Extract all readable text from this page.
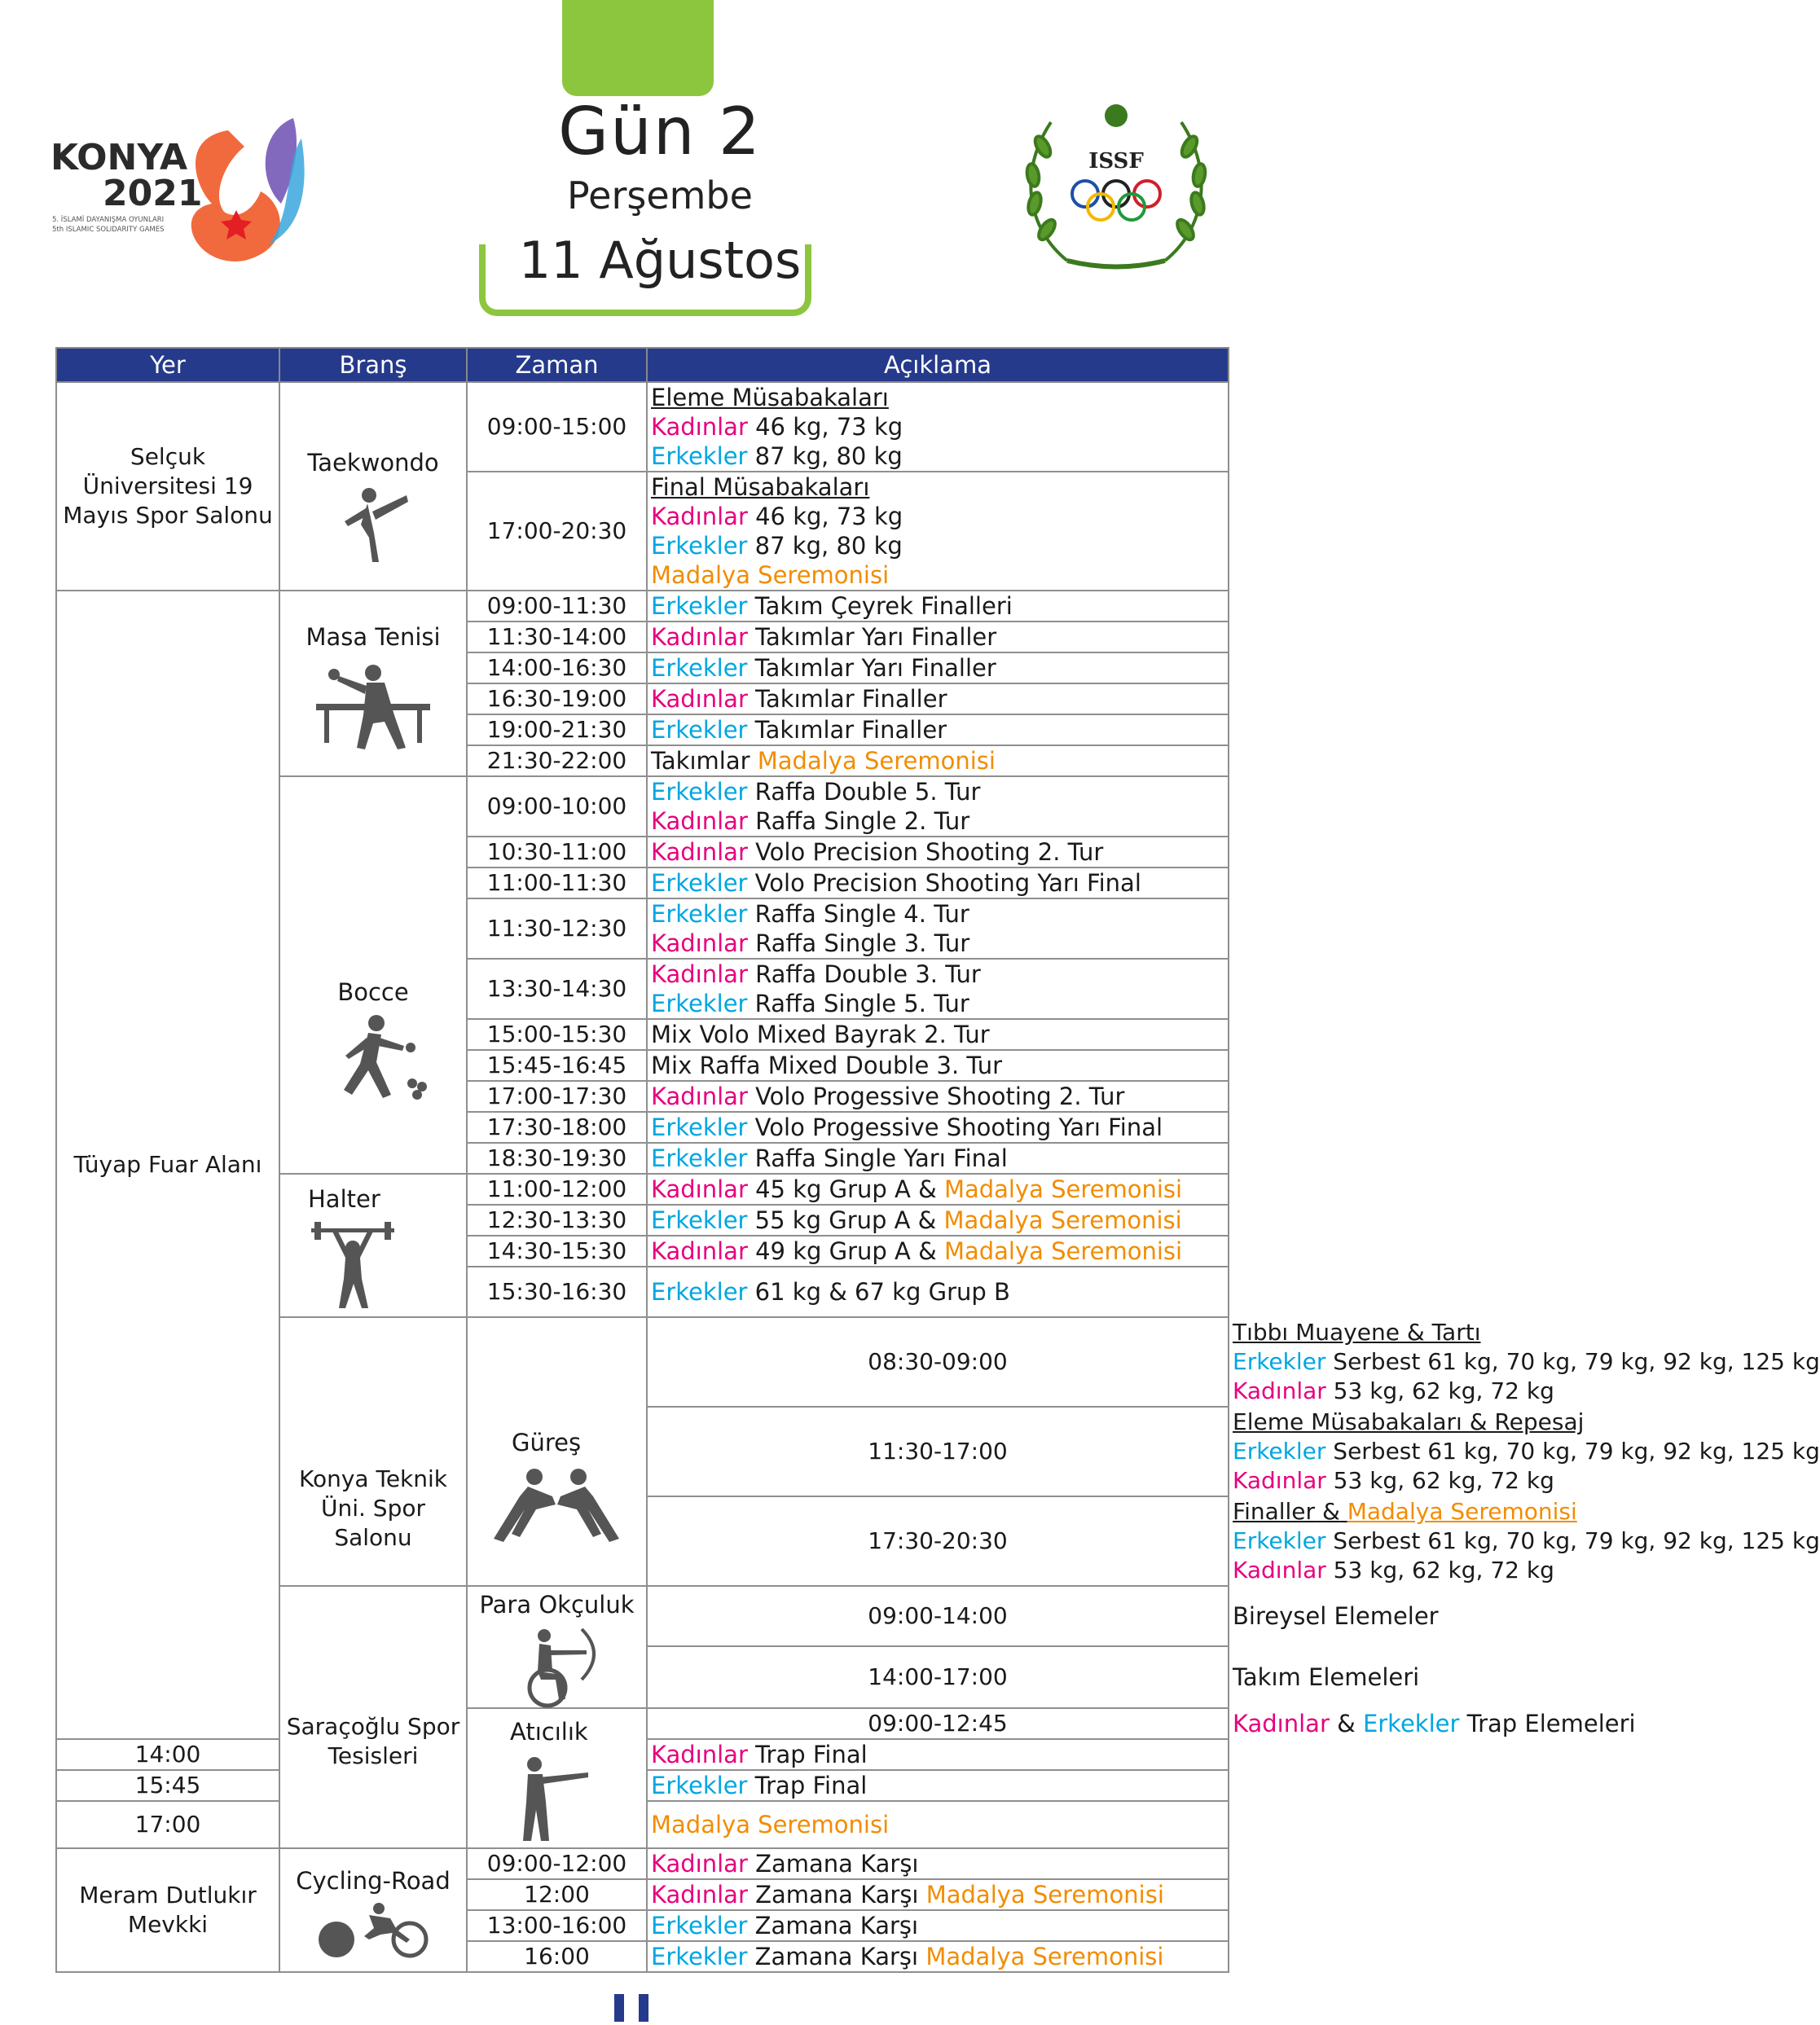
Gün 2
Perşembe
11 Ağustos
KONYA
2021
5. İSLAMİ DAYANIŞMA OYUNLARI
5th ISLAMIC SOLIDARITY GAMES
ISSF
Yer	Branş	Zaman	Açıklama	
Selçuk Üniversitesi 19 Mayıs Spor Salonu	Taekwondo	09:00-15:00	Eleme Müsabakaları
Kadınlar 46 kg, 73 kg
Erkekler 87 kg, 80 kg	
		17:00-20:30	Final Müsabakaları
Kadınlar 46 kg, 73 kg
Erkekler 87 kg, 80 kg
Madalya Seremonisi	
Tüyap Fuar Alanı	Masa Tenisi	09:00-11:30	Erkekler Takım Çeyrek Finalleri	
		11:30-14:00	Kadınlar Takımlar Yarı Finaller	
		14:00-16:30	Erkekler Takımlar Yarı Finaller	
		16:30-19:00	Kadınlar Takımlar Finaller	
		19:00-21:30	Erkekler Takımlar Finaller	
		21:30-22:00	Takımlar Madalya Seremonisi	
	Bocce	09:00-10:00	Erkekler Raffa Double 5. Tur
Kadınlar Raffa Single 2. Tur	
		10:30-11:00	Kadınlar Volo Precision Shooting 2. Tur	
		11:00-11:30	Erkekler Volo Precision Shooting Yarı Final	
		11:30-12:30	Erkekler Raffa Single 4. Tur
Kadınlar Raffa Single 3. Tur	
		13:30-14:30	Kadınlar Raffa Double 3. Tur
Erkekler Raffa Single 5. Tur	
		15:00-15:30	Mix Volo Mixed Bayrak 2. Tur	
		15:45-16:45	Mix Raffa Mixed Double 3. Tur	
		17:00-17:30	Kadınlar Volo Progessive Shooting 2. Tur	
		17:30-18:00	Erkekler Volo Progessive Shooting Yarı Final	
		18:30-19:30	Erkekler Raffa Single Yarı Final	
	Halter	11:00-12:00	Kadınlar 45 kg Grup A & Madalya Seremonisi	
		12:30-13:30	Erkekler 55 kg Grup A & Madalya Seremonisi	
		14:30-15:30	Kadınlar 49 kg Grup A & Madalya Seremonisi	
		15:30-16:30	Erkekler 61 kg & 67 kg Grup B	
	Konya Teknik Üni. Spor Salonu	Güreş	08:30-09:00	Tıbbı Muayene & Tartı
Erkekler Serbest 61 kg, 70 kg, 79 kg, 92 kg, 125 kg
Kadınlar 53 kg, 62 kg, 72 kg
			11:30-17:00	Eleme Müsabakaları & Repesaj
Erkekler Serbest 61 kg, 70 kg, 79 kg, 92 kg, 125 kg
Kadınlar 53 kg, 62 kg, 72 kg
			17:30-20:30	Finaller & Madalya Seremonisi
Erkekler Serbest 61 kg, 70 kg, 79 kg, 92 kg, 125 kg
Kadınlar 53 kg, 62 kg, 72 kg
	Saraçoğlu Spor Tesisleri	Para Okçuluk	09:00-14:00	Bireysel Elemeler
			14:00-17:00	Takım Elemeleri
		Atıcılık	09:00-12:45	Kadınlar & Erkekler Trap Elemeleri
14:00			Kadınlar Trap Final	
15:45			Erkekler Trap Final	
17:00			Madalya Seremonisi	
Meram Dutlukır Mevkki	Cycling-Road	09:00-12:00	Kadınlar Zamana Karşı	
		12:00	Kadınlar Zamana Karşı Madalya Seremonisi	
		13:00-16:00	Erkekler Zamana Karşı	
		16:00	Erkekler Zamana Karşı Madalya Seremonisi	
